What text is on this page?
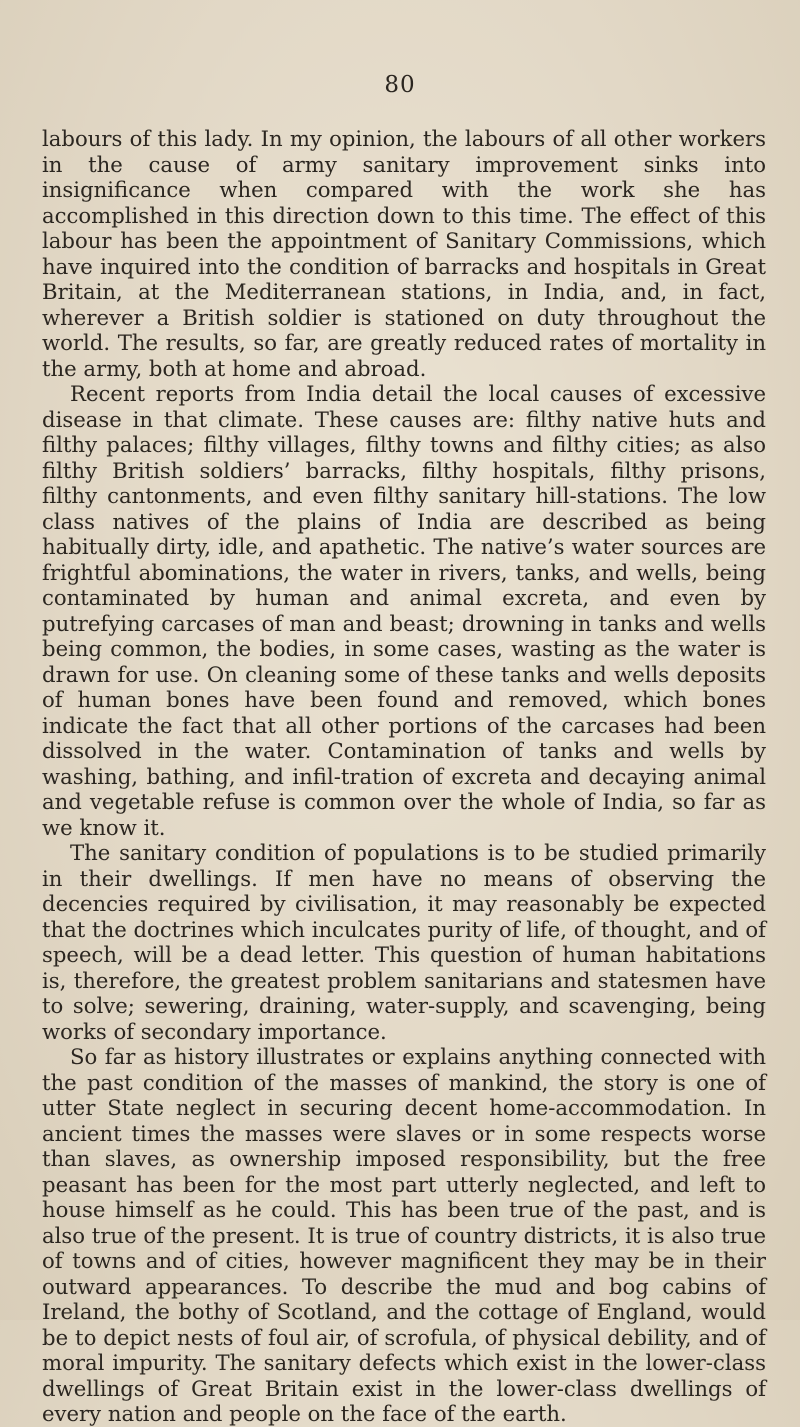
80

labours of this lady. In my opinion, the labours of all other workers in the cause of army sanitary improvement sinks into insignificance when compared with the work she has accomplished in this direction down to this time. The effect of this labour has been the appointment of Sanitary Commissions, which have inquired into the condition of barracks and hospitals in Great Britain, at the Mediterranean stations, in India, and, in fact, wherever a British soldier is stationed on duty throughout the world. The results, so far, are greatly reduced rates of mortality in the army, both at home and abroad.

Recent reports from India detail the local causes of excessive disease in that climate. These causes are: filthy native huts and filthy palaces; filthy villages, filthy towns and filthy cities; as also filthy British soldiers’ barracks, filthy hospitals, filthy prisons, filthy cantonments, and even filthy sanitary hill-stations. The low class natives of the plains of India are described as being habitually dirty, idle, and apathetic. The native’s water sources are frightful abominations, the water in rivers, tanks, and wells, being contaminated by human and animal excreta, and even by putrefying carcases of man and beast; drowning in tanks and wells being common, the bodies, in some cases, wasting as the water is drawn for use. On cleaning some of these tanks and wells deposits of human bones have been found and removed, which bones indicate the fact that all other portions of the carcases had been dissolved in the water. Contamination of tanks and wells by washing, bathing, and infil-tration of excreta and decaying animal and vegetable refuse is common over the whole of India, so far as we know it.

The sanitary condition of populations is to be studied primarily in their dwellings. If men have no means of observing the decencies required by civilisation, it may reasonably be expected that the doctrines which inculcates purity of life, of thought, and of speech, will be a dead letter. This question of human habitations is, therefore, the greatest problem sanitarians and statesmen have to solve; sewering, draining, water-supply, and scavenging, being works of secondary importance.

So far as history illustrates or explains anything connected with the past condition of the masses of mankind, the story is one of utter State neglect in securing decent home-accommodation. In ancient times the masses were slaves or in some respects worse than slaves, as ownership imposed responsibility, but the free peasant has been for the most part utterly neglected, and left to house himself as he could. This has been true of the past, and is also true of the present. It is true of country districts, it is also true of towns and of cities, however magnificent they may be in their outward appearances. To describe the mud and bog cabins of Ireland, the bothy of Scotland, and the cottage of England, would be to depict nests of foul air, of scrofula, of physical debility, and of moral impurity. The sanitary defects which exist in the lower-class dwellings of Great Britain exist in the lower-class dwellings of every nation and people on the face of the earth.
